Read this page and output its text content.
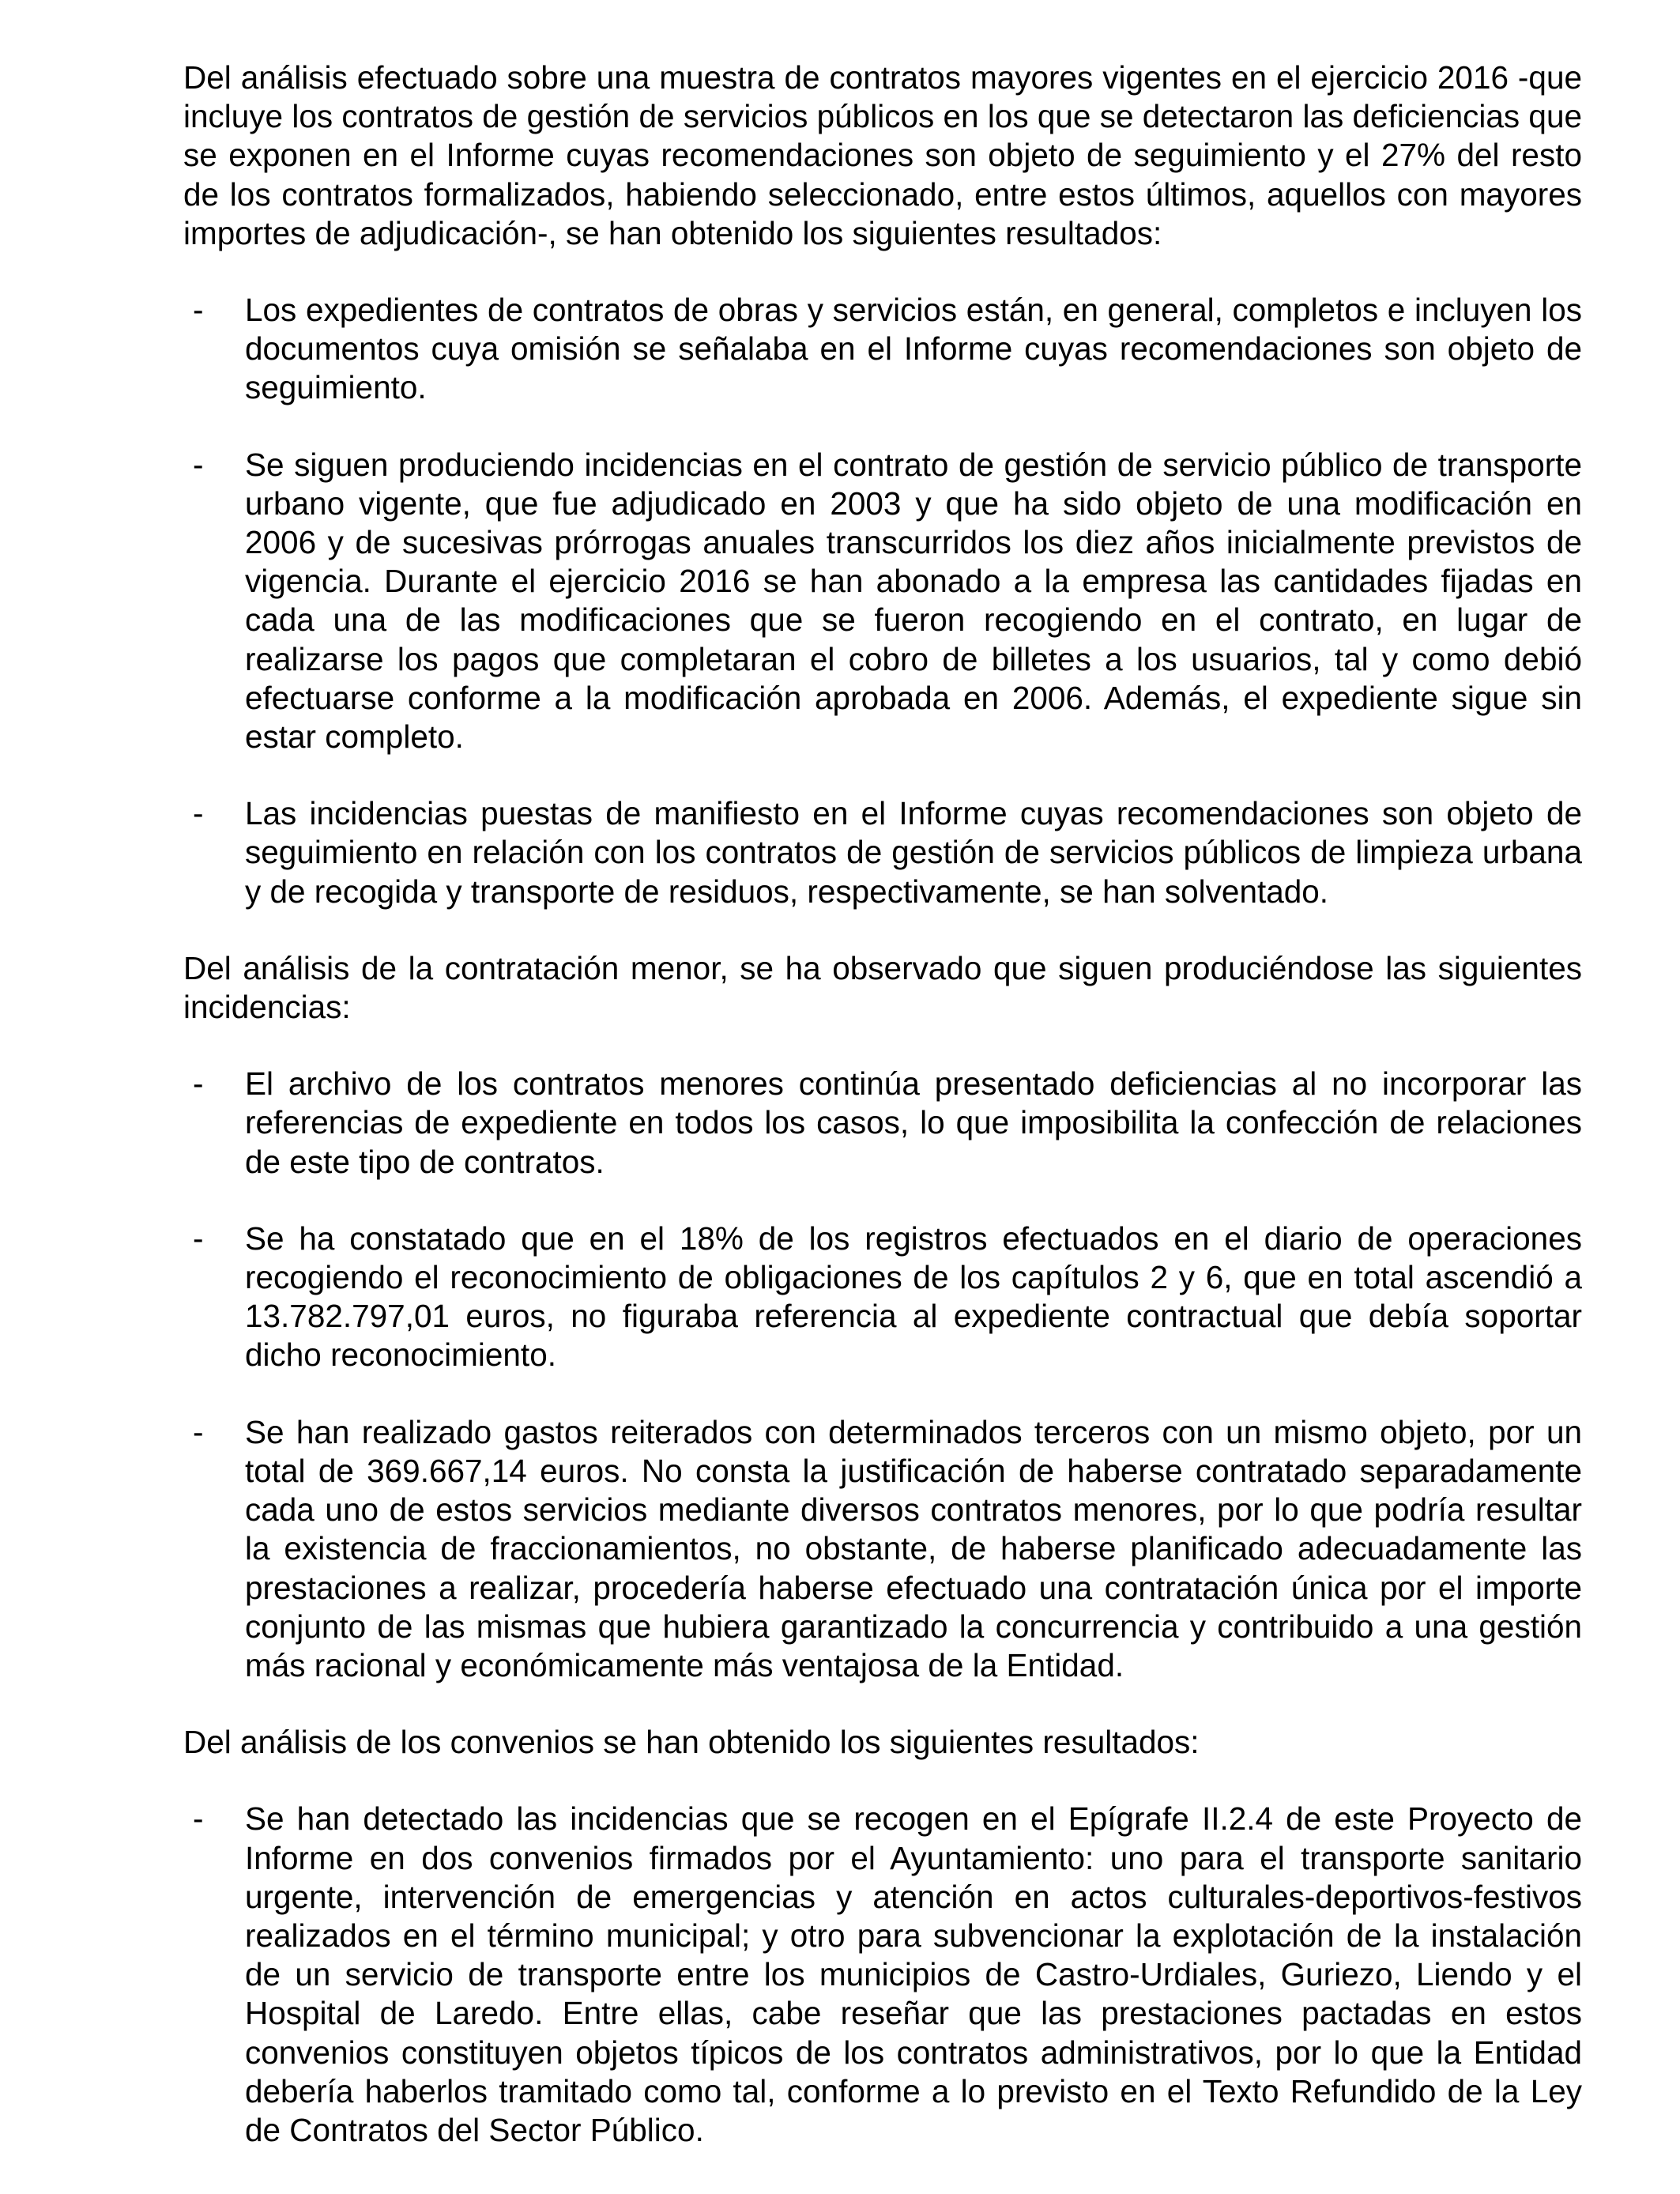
Del análisis efectuado sobre una muestra de contratos mayores vigentes en el ejercicio 2016 -que incluye los contratos de gestión de servicios públicos en los que se detectaron las deficiencias que se exponen en el Informe cuyas recomendaciones son objeto de seguimiento y el 27% del resto de los contratos formalizados, habiendo seleccionado, entre estos últimos, aquellos con mayores importes de adjudicación-, se han obtenido los siguientes resultados:

- Los expedientes de contratos de obras y servicios están, en general, completos e incluyen los documentos cuya omisión se señalaba en el Informe cuyas recomendaciones son objeto de seguimiento.
- Se siguen produciendo incidencias en el contrato de gestión de servicio público de transporte urbano vigente, que fue adjudicado en 2003 y que ha sido objeto de una modificación en 2006 y de sucesivas prórrogas anuales transcurridos los diez años inicialmente previstos de vigencia. Durante el ejercicio 2016 se han abonado a la empresa las cantidades fijadas en cada una de las modificaciones que se fueron recogiendo en el contrato, en lugar de realizarse los pagos que completaran el cobro de billetes a los usuarios, tal y como debió efectuarse conforme a la modificación aprobada en 2006. Además, el expediente sigue sin estar completo.
- Las incidencias puestas de manifiesto en el Informe cuyas recomendaciones son objeto de seguimiento en relación con los contratos de gestión de servicios públicos de limpieza urbana y de recogida y transporte de residuos, respectivamente, se han solventado.

Del análisis de la contratación menor, se ha observado que siguen produciéndose las siguientes incidencias:

- El archivo de los contratos menores continúa presentado deficiencias al no incorporar las referencias de expediente en todos los casos, lo que imposibilita la confección de relaciones de este tipo de contratos.
- Se ha constatado que en el 18% de los registros efectuados en el diario de operaciones recogiendo el reconocimiento de obligaciones de los capítulos 2 y 6, que en total ascendió a 13.782.797,01 euros, no figuraba referencia al expediente contractual que debía soportar dicho reconocimiento.
- Se han realizado gastos reiterados con determinados terceros con un mismo objeto, por un total de 369.667,14 euros. No consta la justificación de haberse contratado separadamente cada uno de estos servicios mediante diversos contratos menores, por lo que podría resultar la existencia de fraccionamientos, no obstante, de haberse planificado adecuadamente las prestaciones a realizar, procedería haberse efectuado una contratación única por el importe conjunto de las mismas que hubiera garantizado la concurrencia y contribuido a una gestión más racional y económicamente más ventajosa de la Entidad.

Del análisis de los convenios se han obtenido los siguientes resultados:

- Se han detectado las incidencias que se recogen en el Epígrafe II.2.4 de este Proyecto de Informe en dos convenios firmados por el Ayuntamiento: uno para el transporte sanitario urgente, intervención de emergencias y atención en actos culturales-deportivos-festivos realizados en el término municipal; y otro para subvencionar la explotación de la instalación de un servicio de transporte entre los municipios de Castro-Urdiales, Guriezo, Liendo y el Hospital de Laredo. Entre ellas, cabe reseñar que las prestaciones pactadas en estos convenios constituyen objetos típicos de los contratos administrativos, por lo que la Entidad debería haberlos tramitado como tal, conforme a lo previsto en el Texto Refundido de la Ley de Contratos del Sector Público.
